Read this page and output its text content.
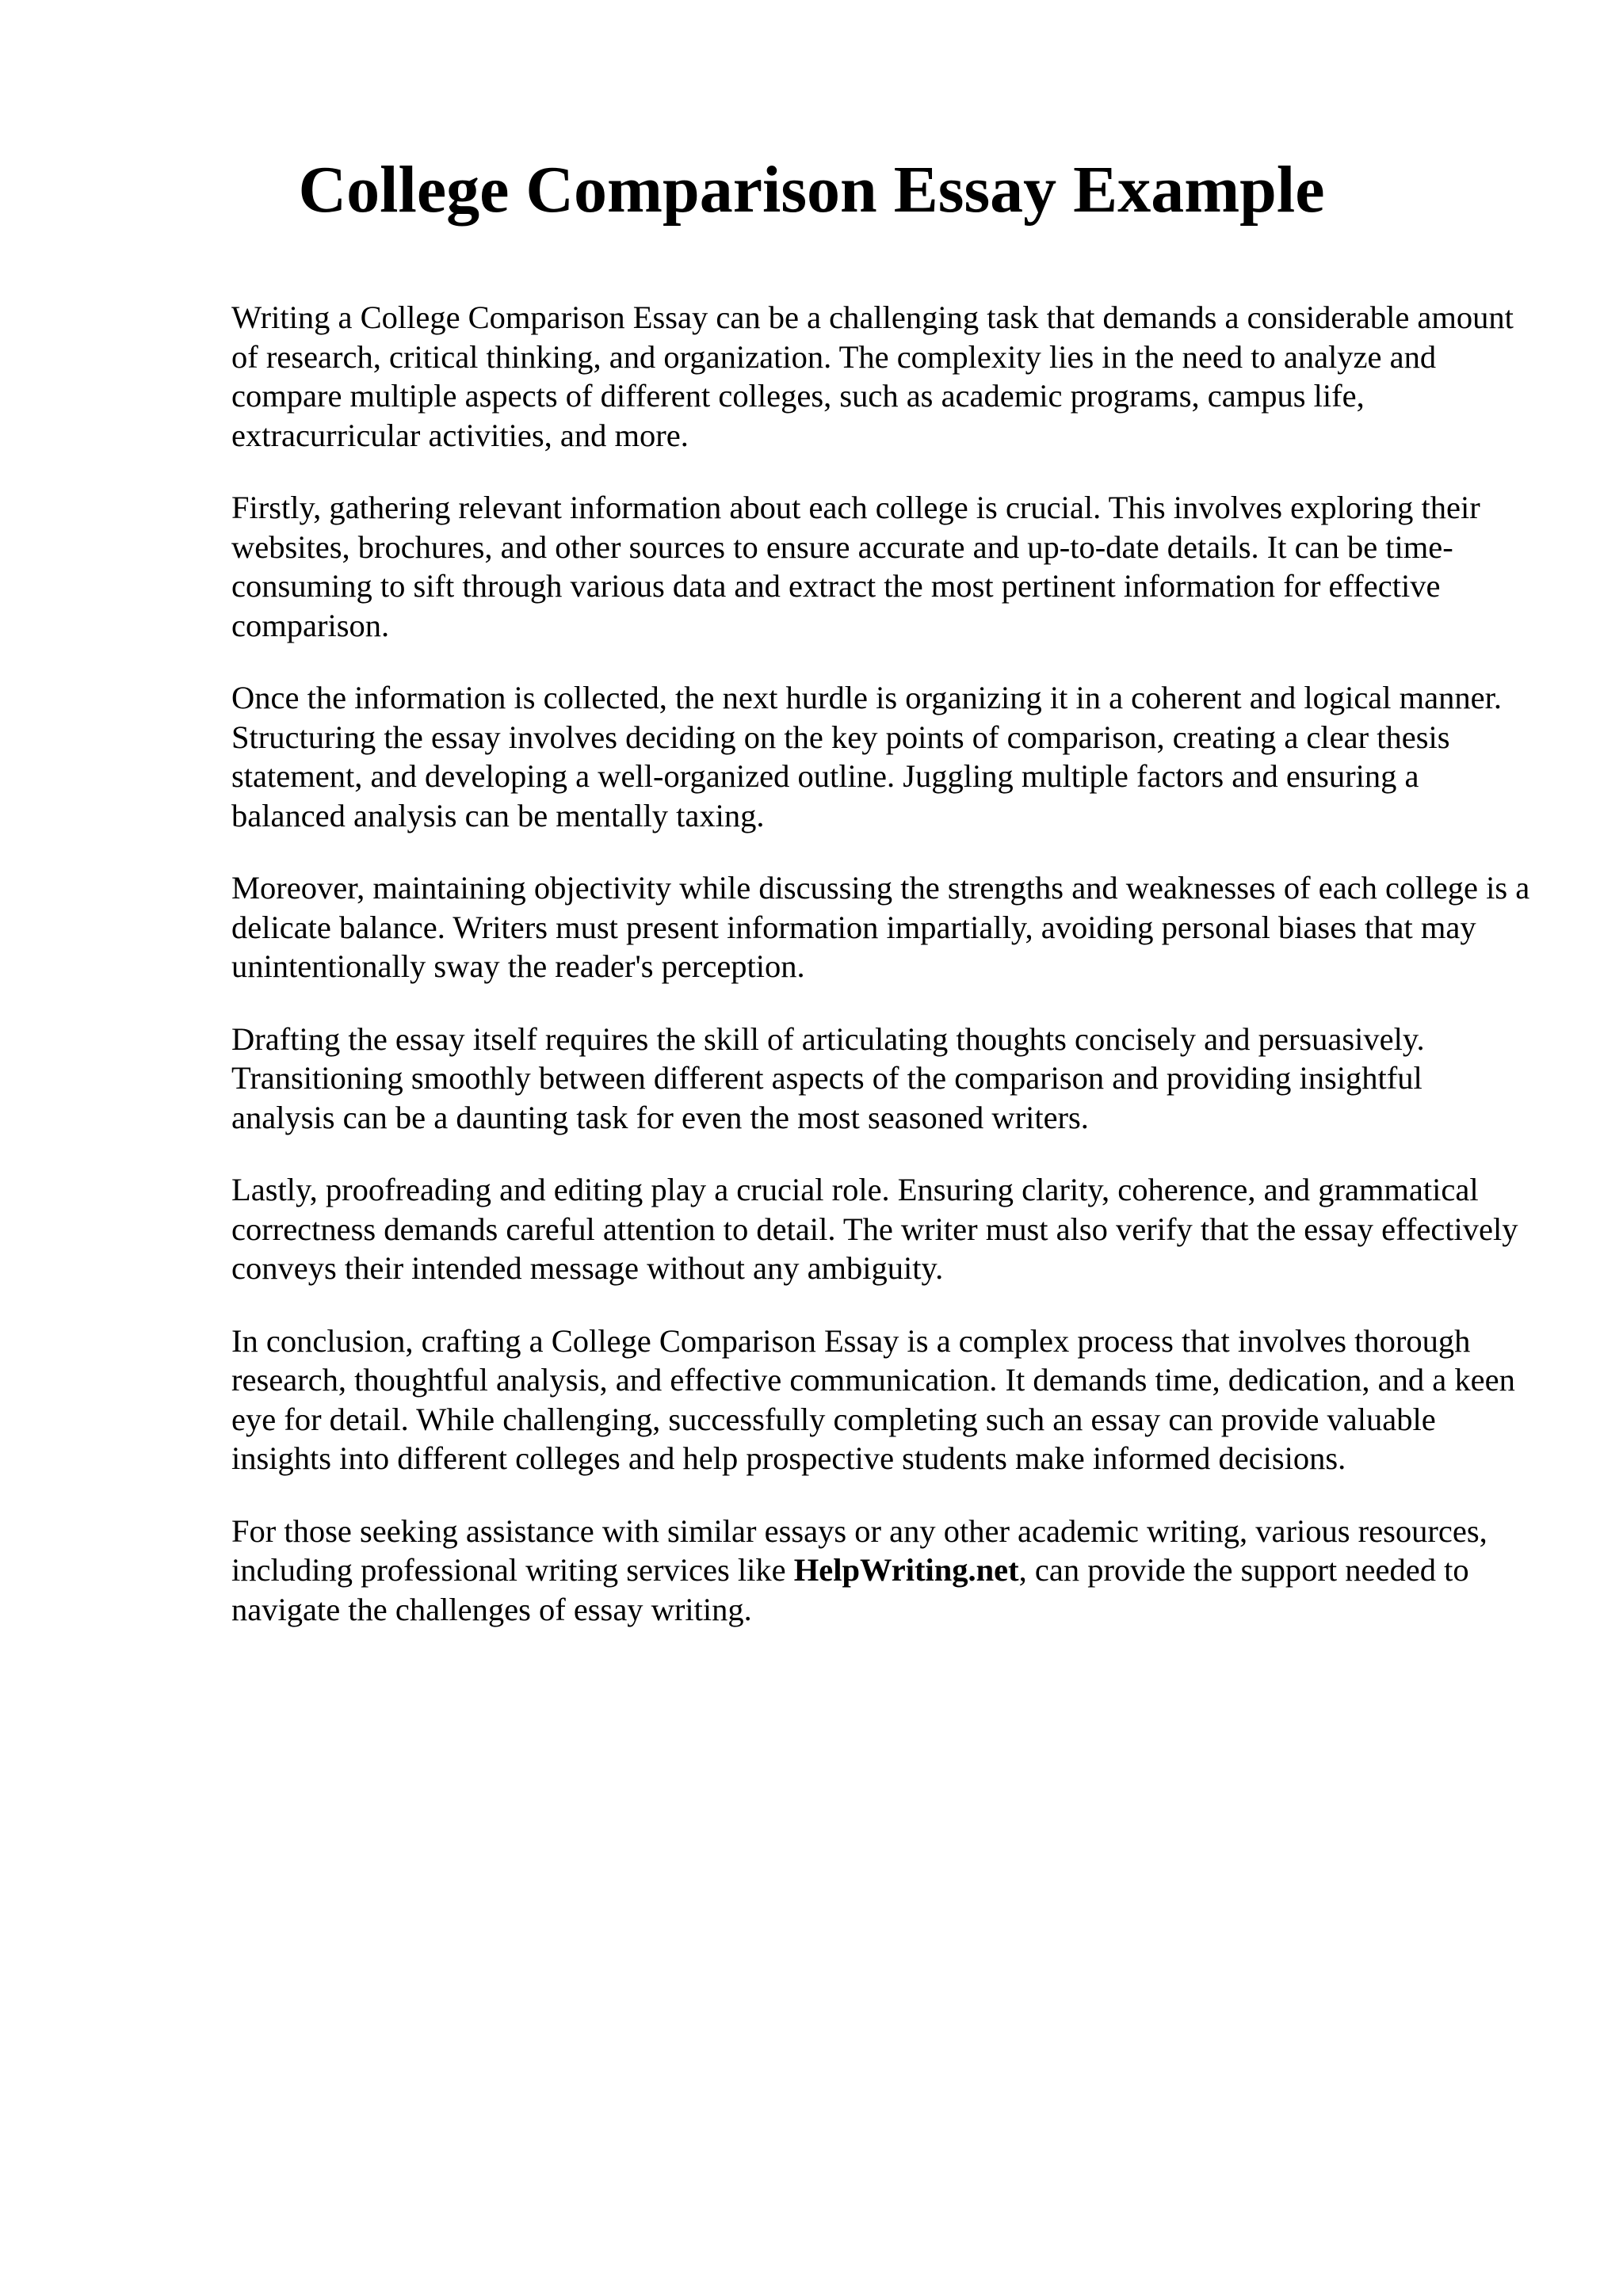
College Comparison Essay Example

Writing a College Comparison Essay can be a challenging task that demands a considerable amount of research, critical thinking, and organization. The complexity lies in the need to analyze and compare multiple aspects of different colleges, such as academic programs, campus life, extracurricular activities, and more.

Firstly, gathering relevant information about each college is crucial. This involves exploring their websites, brochures, and other sources to ensure accurate and up-to-date details. It can be time-consuming to sift through various data and extract the most pertinent information for effective comparison.

Once the information is collected, the next hurdle is organizing it in a coherent and logical manner. Structuring the essay involves deciding on the key points of comparison, creating a clear thesis statement, and developing a well-organized outline. Juggling multiple factors and ensuring a balanced analysis can be mentally taxing.

Moreover, maintaining objectivity while discussing the strengths and weaknesses of each college is a delicate balance. Writers must present information impartially, avoiding personal biases that may unintentionally sway the reader's perception.

Drafting the essay itself requires the skill of articulating thoughts concisely and persuasively. Transitioning smoothly between different aspects of the comparison and providing insightful analysis can be a daunting task for even the most seasoned writers.

Lastly, proofreading and editing play a crucial role. Ensuring clarity, coherence, and grammatical correctness demands careful attention to detail. The writer must also verify that the essay effectively conveys their intended message without any ambiguity.

In conclusion, crafting a College Comparison Essay is a complex process that involves thorough research, thoughtful analysis, and effective communication. It demands time, dedication, and a keen eye for detail. While challenging, successfully completing such an essay can provide valuable insights into different colleges and help prospective students make informed decisions.

For those seeking assistance with similar essays or any other academic writing, various resources, including professional writing services like HelpWriting.net, can provide the support needed to navigate the challenges of essay writing.
